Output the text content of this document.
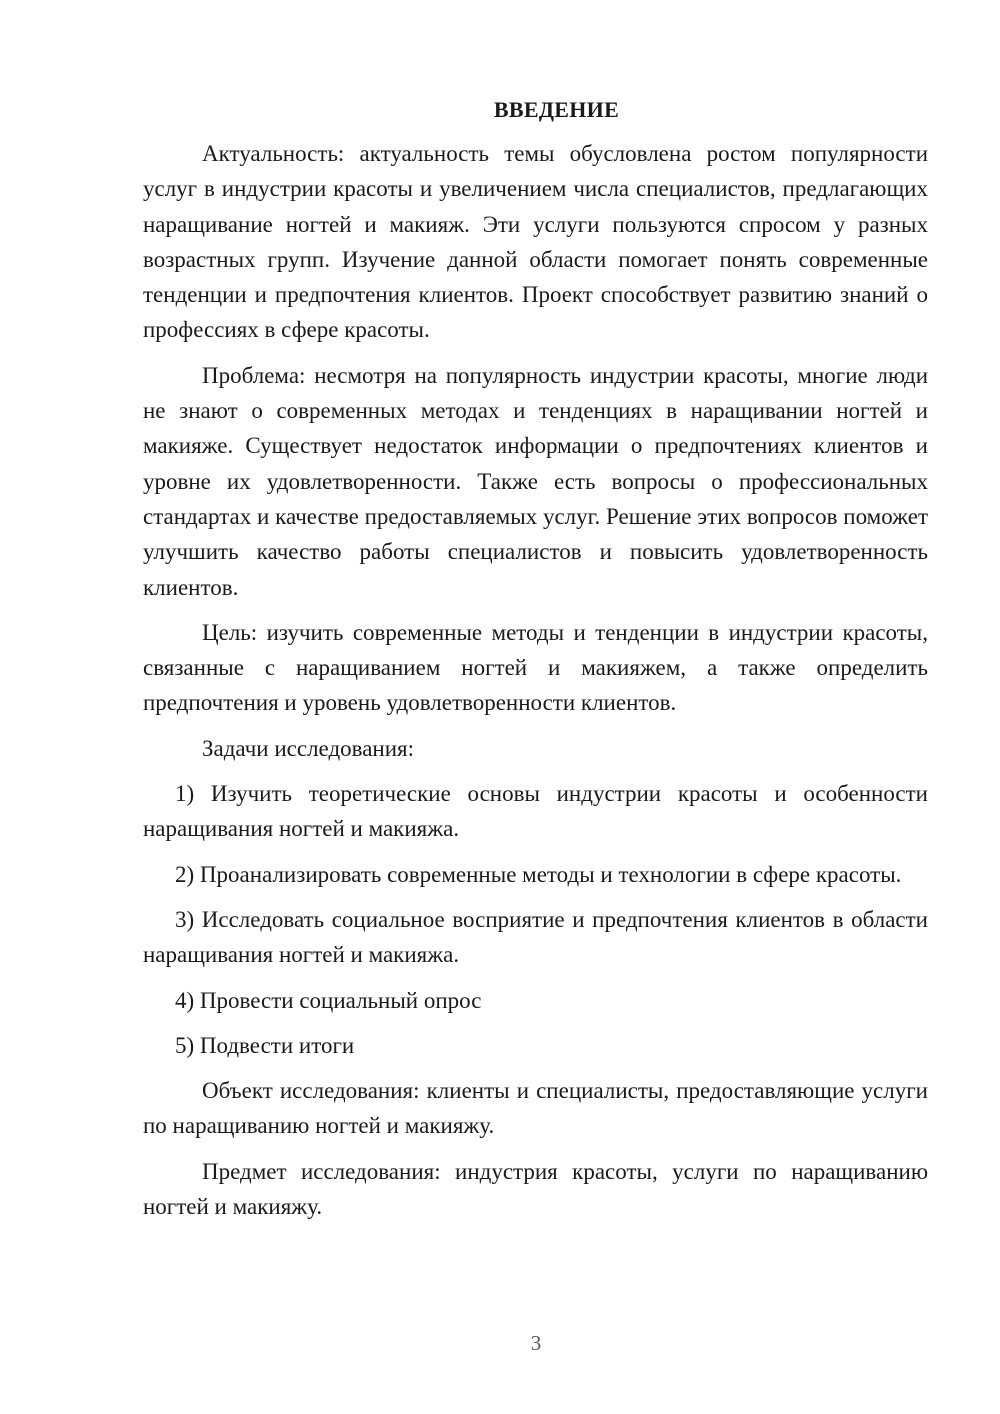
ВВЕДЕНИЕ

Актуальность: актуальность темы обусловлена ростом популярности услуг в индустрии красоты и увеличением числа специалистов, предлагающих наращивание ногтей и макияж. Эти услуги пользуются спросом у разных возрастных групп. Изучение данной области помогает понять современные тенденции и предпочтения клиентов. Проект способствует развитию знаний о профессиях в сфере красоты.

Проблема: несмотря на популярность индустрии красоты, многие люди не знают о современных методах и тенденциях в наращивании ногтей и макияже. Существует недостаток информации о предпочтениях клиентов и уровне их удовлетворенности. Также есть вопросы о профессиональных стандартах и качестве предоставляемых услуг. Решение этих вопросов поможет улучшить качество работы специалистов и повысить удовлетворенность клиентов.

Цель: изучить современные методы и тенденции в индустрии красоты, связанные с наращиванием ногтей и макияжем, а также определить предпочтения и уровень удовлетворенности клиентов.

Задачи исследования:

1) Изучить теоретические основы индустрии красоты и особенности наращивания ногтей и макияжа.

2) Проанализировать современные методы и технологии в сфере красоты.

3) Исследовать социальное восприятие и предпочтения клиентов в области наращивания ногтей и макияжа.

4) Провести социальный опрос

5) Подвести итоги

Объект исследования: клиенты и специалисты, предоставляющие услуги по наращиванию ногтей и макияжу.

Предмет исследования: индустрия красоты, услуги по наращиванию ногтей и макияжу.

3
